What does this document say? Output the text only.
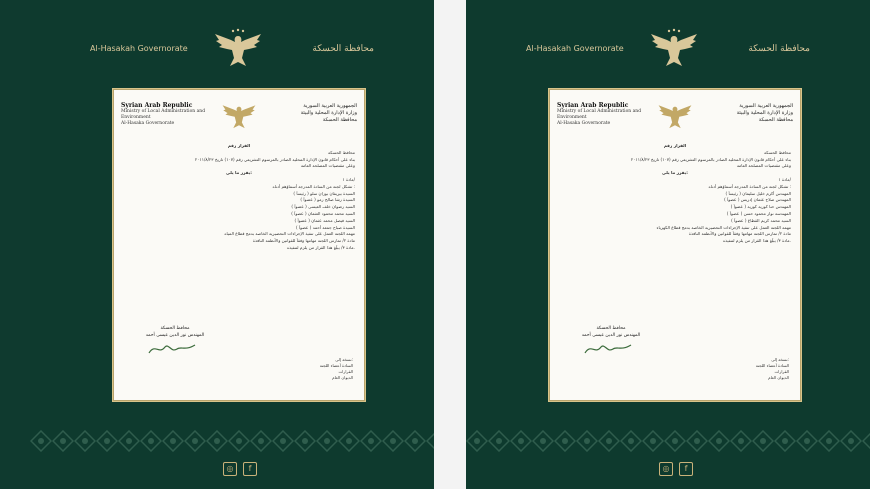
Al-Hasakah Governorate	محافظة الحسكة
Syrian Arab Republic
Ministry of Local Administration and Environment
Al-Hasaka Governorate
الجمهورية العربية السورية
وزارة الإدارة المحلية والبيئة
محافظة الحسكة
القرار رقم
محافظ الحسكة
بناء على أحكام قانون الإدارة المحلية الصادر بالمرسوم التشريعي رقم (١٠٧) تاريخ ٢٠١١/٨/٢٣
وعلى مقتضيات المصلحة العامة
يقرر ما يلي:
مادة ١/
تشكل لجنة من السادة المدرجة أسماؤهم أدناه :
السيدة بيريفان بوزان سلو ( رئيساً )
السيدة رشا صالح رمو ( عضواً )
السيد رضوان خلف العيسى ( عضواً )
السيد محمد محمود العثمان ( عضواً )
السيد فيصل محمد عثمان ( عضواً )
السيدة صباح جمعة أحمد ( عضواً )
مهمة اللجنة العمل على تنفيذ الإجراءات التحضيرية الخاصة بدمج قطاع المياه
مادة ٢/ تمارس اللجنة مهامها وفقاً للقوانين والأنظمة النافذة
مادة ٣/ يبلّغ هذا القرار من يلزم لتنفيذه.
محافظ الحسكة
المهندس نور الدين عيسى أحمد
نسخة إلى:
السادة أعضاء اللجنة
القرارات
الديوان العام
◎	f
Al-Hasakah Governorate	محافظة الحسكة
Syrian Arab Republic
Ministry of Local Administration and Environment
Al-Hasaka Governorate
الجمهورية العربية السورية
وزارة الإدارة المحلية والبيئة
محافظة الحسكة
القرار رقم
محافظ الحسكة
بناء على أحكام قانون الإدارة المحلية الصادر بالمرسوم التشريعي رقم (١٠٧) تاريخ ٢٠١١/٨/٢٣
وعلى مقتضيات المصلحة العامة
يقرر ما يلي:
مادة ١/
تشكل لجنة من السادة المدرجة أسماؤهم أدناه :
المهندس أكرم خليل سليمان ( رئيساً )
المهندس صلاح عثمان إدريس ( عضواً )
المهندس حنا كوريه كوريه ( عضواً )
المهندسة نوار محمود حسن ( عضواً )
السيد محمد كريم القطاع ( عضواً )
مهمة اللجنة العمل على تنفيذ الإجراءات التحضيرية الخاصة بدمج قطاع الكهرباء
مادة ٢/ تمارس اللجنة مهامها وفقاً للقوانين والأنظمة النافذة
مادة ٣/ يبلّغ هذا القرار من يلزم لتنفيذه.
محافظ الحسكة
المهندس نور الدين عيسى أحمد
نسخة إلى:
السادة أعضاء اللجنة
القرارات
الديوان العام
◎	f
